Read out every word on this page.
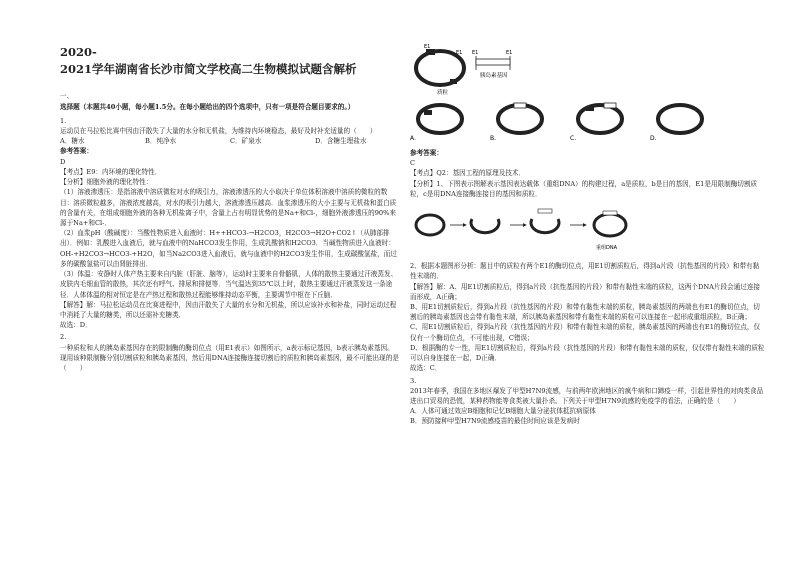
2020-
2021学年湖南省长沙市简文学校高二生物模拟试题含解析

一、

选择题（本题共40小题，每小题1.5分。在每小题给出的四个选项中，只有一项是符合题目要求的。）

1.

运动员在马拉松比赛中因由汗散失了大量的水分和无机盐，为维持内环境稳态，最好及时补充适量的（　　）

A．糖水	B．纯净水	C．矿泉水	D．含糖生理盐水

参考答案：

D

【考点】E9：内环境的理化特性．

【分析】细胞外液的理化特性：

（1）溶液渗透压：是指溶液中溶质微粒对水的吸引力，溶液渗透压的大小取决于单位体积溶液中溶质的微粒的数目：溶质微粒越多，溶液浓度越高，对水的吸引力越大，溶液渗透压越高．血浆渗透压的大小主要与无机盐和蛋白质的含量有关，在组成细胞外液的各种无机盐离子中，含量上占有明显优势的是Na+和Cl-，细胞外液渗透压的90%来源于Na+和Cl-．

（2）血浆pH（酸碱度）：当酸性物质进入血液时：H++HCO3-→H2CO3，H2CO3→H2O+CO2↑（从肺部排出）．例如：乳酸进入血液后，就与血液中的NaHCO3发生作用，生成乳酸钠和H2CO3．当碱性物质进入血液时：OH-+H2CO3→HCO3-+H2O，如当Na2CO3进入血液后，就与血液中的H2CO3发生作用，生成碳酸氢盐，而过多的碳酸氢盐可以由肾脏排出．

（3）体温：安静时人体产热主要来自内脏（肝脏、脑等），运动时主要来自骨骼肌，人体的散热主要通过汗液蒸发、皮肤内毛细血管的散热，其次还有呼气、排尿和排便等．当气温达到35℃以上时，散热主要通过汗液蒸发这一条途径．人体体温的相对恒定是在产热过程和散热过程能够维持动态平衡，主要调节中枢在下丘脑．

【解答】解：马拉松运动员在比赛进程中，因由汗散失了大量的水分和无机盐，所以应该补水和补盐，同时运动过程中消耗了大量的糖类，所以还需补充糖类．

故选：D．

2.

一种质粒和人的胰岛素基因存在的限制酶的酶切位点（用E1表示）如图所示，a表示标记基因，b表示胰岛素基因。现用该种限制酶分别切割质粒和胰岛素基因，然后用DNA连接酶连接切割后的质粒和胰岛素基因，最不可能出现的是（　　）

E1
E1
质粒
E1	E1
胰岛素基因
A.	B.	C.	D.

参考答案：

C

【考点】Q2：基因工程的原理及技术．

【分析】1、下图表示图解表示基因表达载体（重组DNA）的构建过程，a是质粒，b是目的基因，E1是用限制酶切割质粒，c是用DNA连接酶连接目的基因和质粒．

重组DNA

2、根据本题图形分析：题目中的质粒有两个E1的酶切位点，用E1切割质粒后，得到a片段（抗性基因的片段）和带有黏性末端的．

【解答】解：A、用E1切割质粒后，得到a片段（抗性基因的片段）和带有黏性末端的质粒，这两个DNA片段会通过连接而形成，A正确；

B、用E1切割质粒后，得到a片段（抗性基因的片段）和带有黏性末端的质粒，胰岛素基因的两端也有E1的酶切位点，切割后的胰岛素基因也会带有黏性末端，所以胰岛素基因和带有黏性末端的质粒可以连接在一起形成重组质粒，B正确；

C、用E1切割质粒后，得到a片段（抗性基因的片段）和带有黏性末端的质粒，胰岛素基因的两端也有E1的酶切位点，仅仅有一个酶切位点，不可能出现，C错误；

D、根据酶的专一性，用E1切割质粒后，得到a片段（抗性基因的片段）和带有黏性末端的质粒，仅仅带有黏性末端的质粒可以自身连接在一起，D正确．

故选：C．

3.

2013年春季，我国在多地区爆发了甲型H7N9流感，与前两年欧洲地区的疯牛病和口蹄疫一样，引起世界性的对肉类食品进出口贸易的恐慌，某种药物能等食类被大量扑杀。下列关于甲型H7N9流感的免疫学的看法，正确的是（　　）

A．人体可通过效应B细胞和记忆B细胞大量分泌抗体抵抗病原体

B．预防接种甲型H7N9流感疫苗的最佳时间应该是发病时
